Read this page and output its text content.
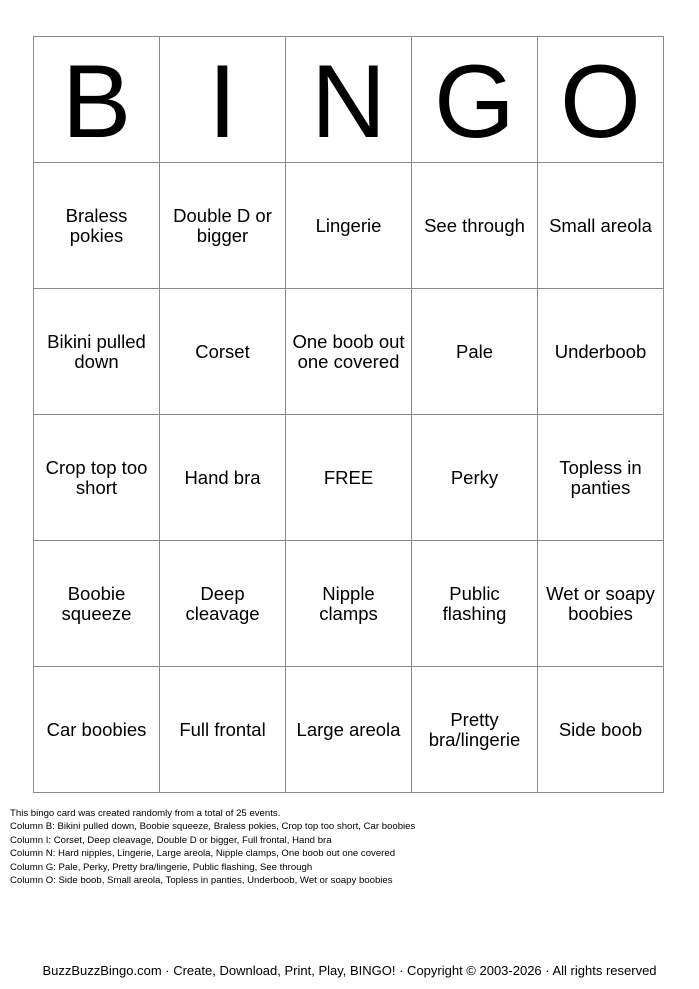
B	I	N	G	O
Braless pokies	Double D or bigger	Lingerie	See through	Small areola
Bikini pulled down	Corset	One boob out one covered	Pale	Underboob
Crop top too short	Hand bra	FREE	Perky	Topless in panties
Boobie squeeze	Deep cleavage	Nipple clamps	Public flashing	Wet or soapy boobies
Car boobies	Full frontal	Large areola	Pretty bra/lingerie	Side boob
This bingo card was created randomly from a total of 25 events.
Column B: Bikini pulled down, Boobie squeeze, Braless pokies, Crop top too short, Car boobies
Column I: Corset, Deep cleavage, Double D or bigger, Full frontal, Hand bra
Column N: Hard nipples, Lingerie, Large areola, Nipple clamps, One boob out one covered
Column G: Pale, Perky, Pretty bra/lingerie, Public flashing, See through
Column O: Side boob, Small areola, Topless in panties, Underboob, Wet or soapy boobies
BuzzBuzzBingo.com · Create, Download, Print, Play, BINGO! · Copyright © 2003-2026 · All rights reserved
